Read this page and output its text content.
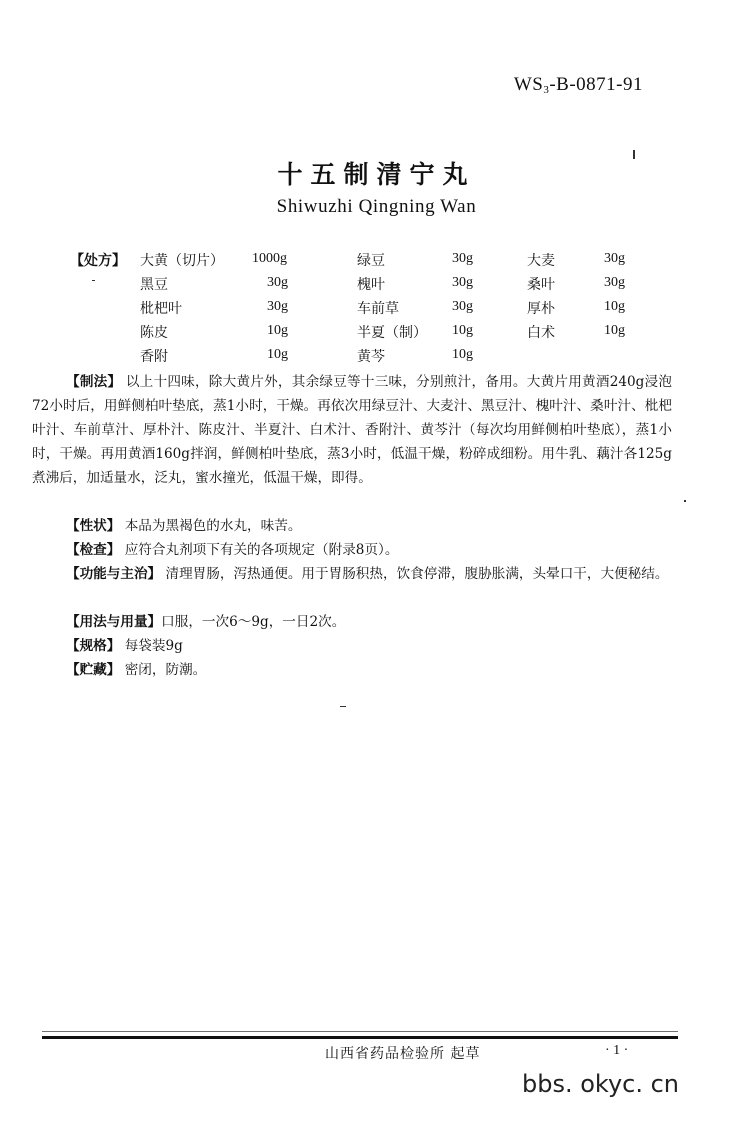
$WS_3-B-0871-91$
十五制清宁丸
Shiwuzhi Qingning Wan
【处方】 大黄（切片） 1000g	绿豆	30g	大麦	30g
黑豆	30g	槐叶	30g	桑叶	30g
枇杷叶	30g	车前草	30g	厚朴	10g
陈皮	10g	半夏（制） 10g	白术	10g
香附	10g	黄芩	10g
【制法】 以上十四味，除大黄片外，其余绿豆等十三味，分别煎汁，备用。大黄片用黄酒240g浸泡72小时后，用鲜侧柏叶垫底，蒸1小时，干燥。再依次用绿豆汁、大麦汁、黑豆汁、槐叶汁、桑叶汁、枇杷叶汁、车前草汁、厚朴汁、陈皮汁、半夏汁、白术汁、香附汁、黄芩汁（每次均用鲜侧柏叶垫底），蒸1小时，干燥。再用黄酒160g拌润，鲜侧柏叶垫底，蒸3小时，低温干燥，粉碎成细粉。用牛乳、藕汁各125g煮沸后，加适量水，泛丸，蜜水撞光，低温干燥，即得。
【性状】 本品为黑褐色的水丸，味苦。
【检查】 应符合丸剂项下有关的各项规定（附录8页）。
【功能与主治】 清理胃肠，泻热通便。用于胃肠积热，饮食停滞，腹胁胀满，头晕口干，大便秘结。
【用法与用量】口服，一次6～9g，一日2次。
【规格】 每袋装9g
【贮藏】 密闭，防潮。
山西省药品检验所 起草	· 1 ·
bbs. okyc. cn
